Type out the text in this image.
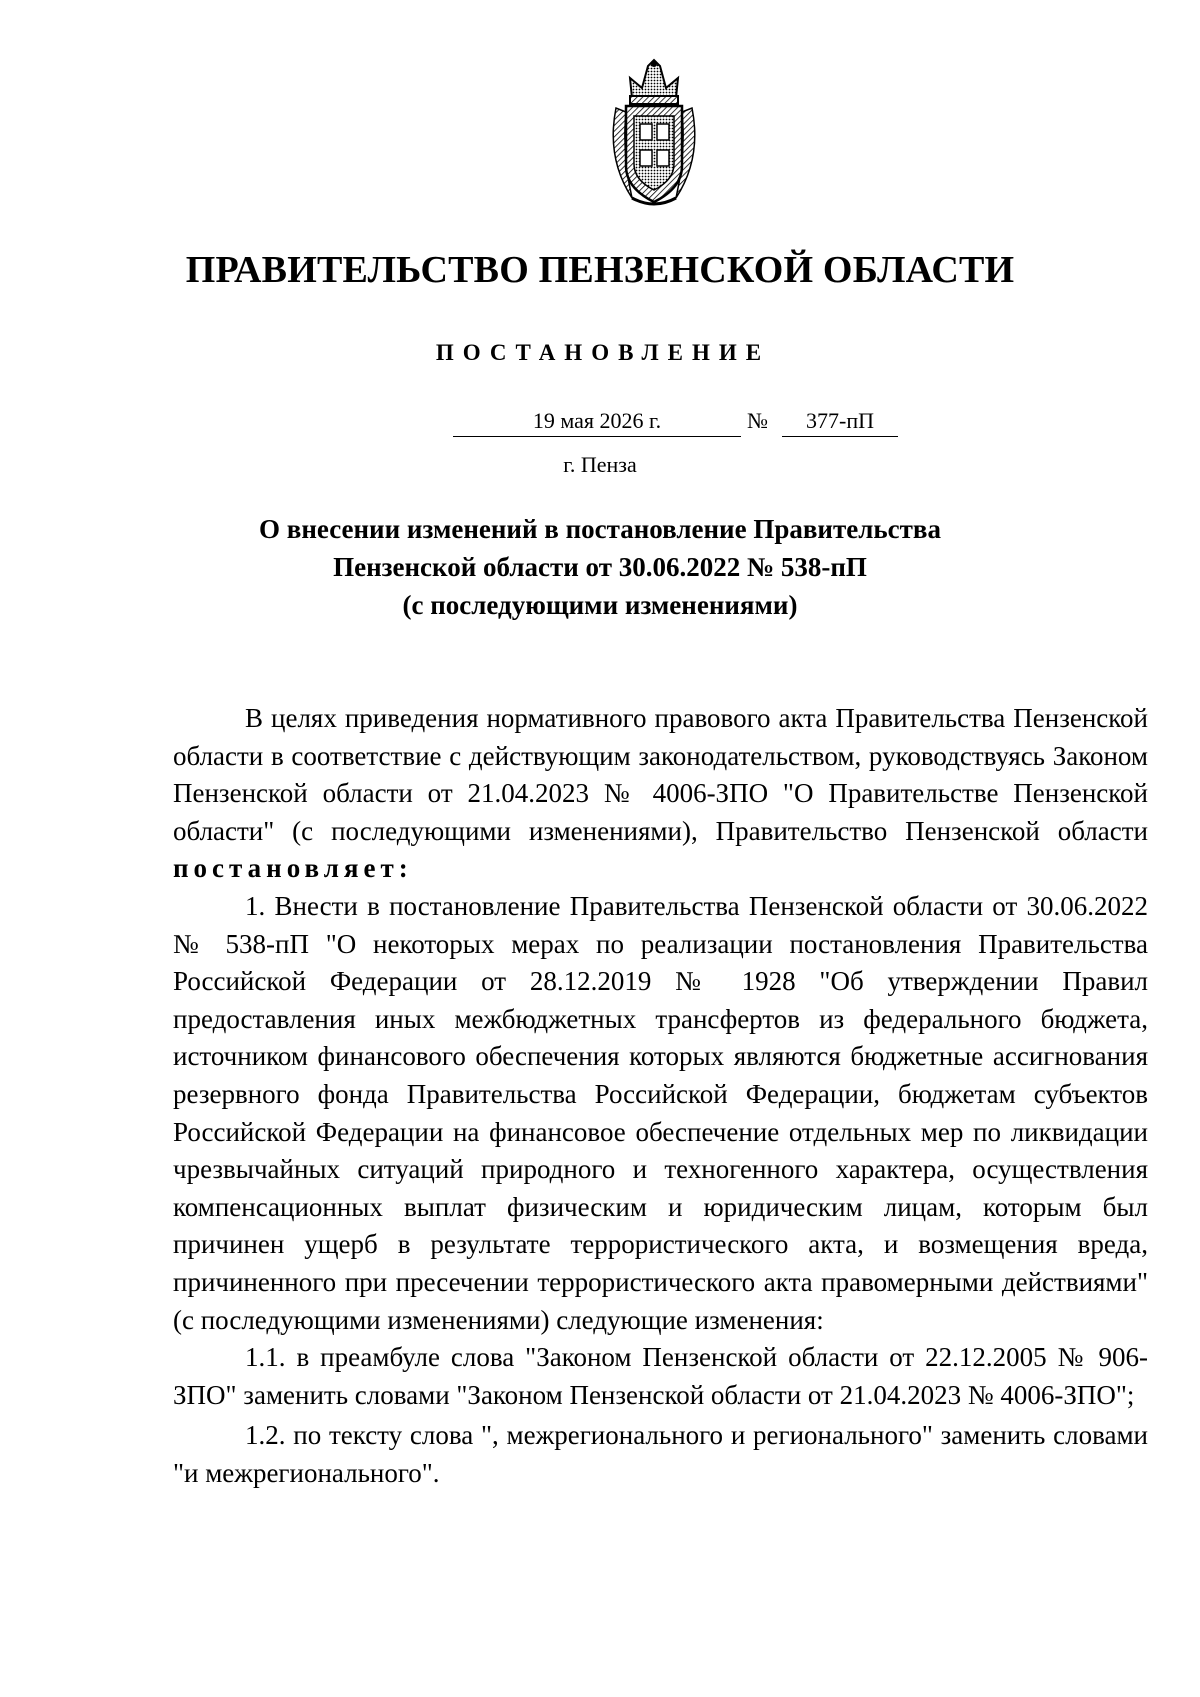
ПРАВИТЕЛЬСТВО ПЕНЗЕНСКОЙ ОБЛАСТИ
ПОСТАНОВЛЕНИЕ
19 мая 2026 г.	№	377-пП
г. Пенза
О внесении изменений в постановление Правительства
Пензенской области от 30.06.2022 № 538-пП
(с последующими изменениями)

В целях приведения нормативного правового акта Правительства Пензенской области в соответствие с действующим законодательством, руководствуясь Законом Пензенской области от 21.04.2023 № 4006-ЗПО "О Правительстве Пензенской области" (с последующими изменениями), Правительство Пензенской области постановляет:

1. Внести в постановление Правительства Пензенской области от 30.06.2022 № 538-пП "О некоторых мерах по реализации постановления Правительства Российской Федерации от 28.12.2019 № 1928 "Об утверждении Правил предоставления иных межбюджетных трансфертов из федерального бюджета, источником финансового обеспечения которых являются бюджетные ассигнования резервного фонда Правительства Российской Федерации, бюджетам субъектов Российской Федерации на финансовое обеспечение отдельных мер по ликвидации чрезвычайных ситуаций природного и техногенного характера, осуществления компенсационных выплат физическим и юридическим лицам, которым был причинен ущерб в результате террористического акта, и возмещения вреда, причиненного при пресечении террористического акта правомерными действиями" (с последующими изменениями) следующие изменения:

1.1. в преамбуле слова "Законом Пензенской области от 22.12.2005 № 906-ЗПО" заменить словами "Законом Пензенской области от 21.04.2023 № 4006-ЗПО";

1.2. по тексту слова ", межрегионального и регионального" заменить словами "и межрегионального".
